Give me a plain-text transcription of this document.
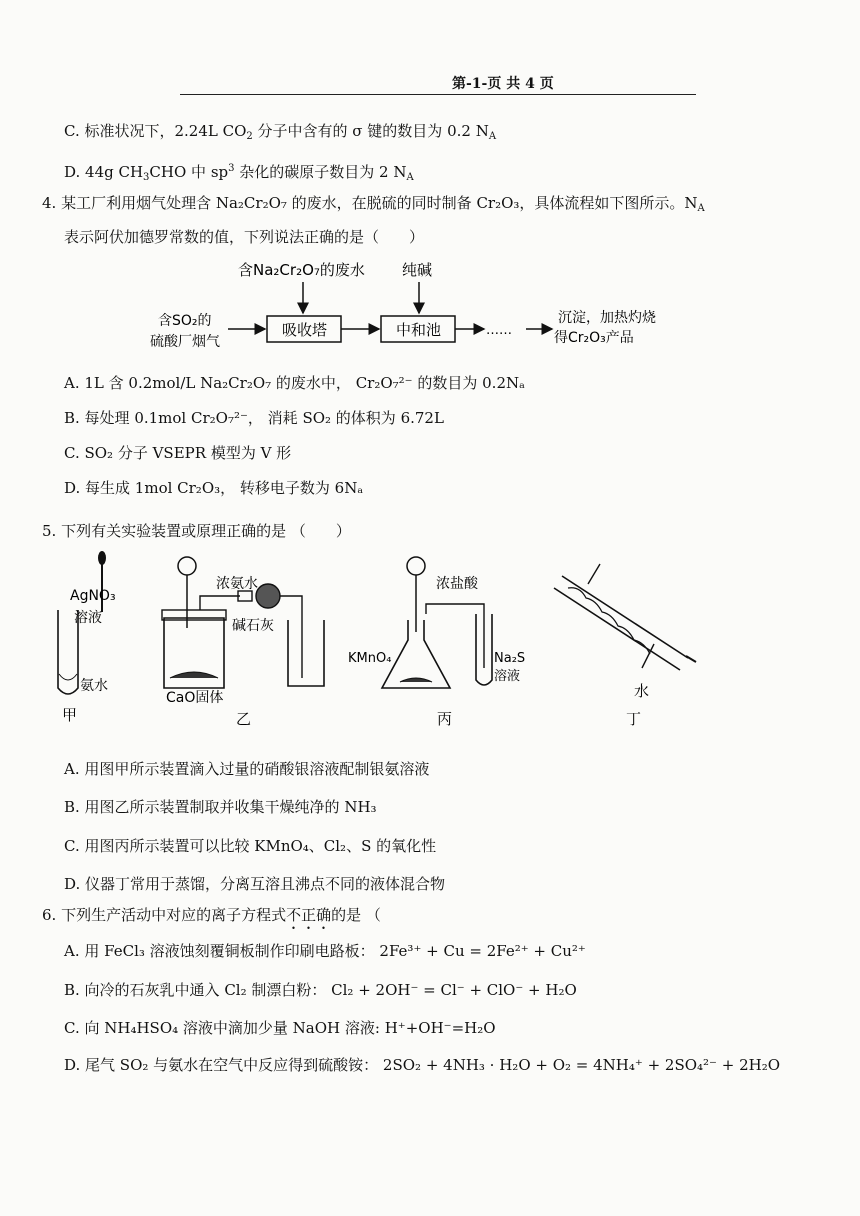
第-1-页 共 4 页
C. 标准状况下，2.24L $CO_2$ 分子中含有的 σ 键的数目为 0.2 $N_A$
D. 44g $CH_3CHO$ 中 $sp^3$ 杂化的碳原子数目为 2 $N_A$
4. 某工厂利用烟气处理含 Na₂Cr₂O₇ 的废水，在脱硫的同时制备 Cr₂O₃，具体流程如下图所示。$N_A$
表示阿伏加德罗常数的值，下列说法正确的是（　　）
含Na₂Cr₂O₇的废水 纯碱
含SO₂的
硫酸厂烟气
吸收塔	中和池	……
沉淀，加热灼烧
得Cr₂O₃产品
A. 1L 含 0.2mol/L Na₂Cr₂O₇ 的废水中， Cr₂O₇²⁻ 的数目为 0.2Nₐ
B. 每处理 0.1mol Cr₂O₇²⁻， 消耗 SO₂ 的体积为 6.72L
C. SO₂ 分子 VSEPR 模型为 V 形
D. 每生成 1mol Cr₂O₃， 转移电子数为 6Nₐ
5. 下列有关实验装置或原理正确的是 （　　）
AgNO₃
溶液
氨水
甲
浓氨水
碱石灰
CaO固体
乙
浓盐酸
KMnO₄	Na₂S
溶液
丙
水
丁
A. 用图甲所示装置滴入过量的硝酸银溶液配制银氨溶液
B. 用图乙所示装置制取并收集干燥纯净的 NH₃
C. 用图丙所示装置可以比较 KMnO₄、Cl₂、S 的氧化性
D. 仪器丁常用于蒸馏，分离互溶且沸点不同的液体混合物
6. 下列生产活动中对应的离子方程式不正确的是 （
A. 用 FeCl₃ 溶液蚀刻覆铜板制作印刷电路板： 2Fe³⁺ + Cu = 2Fe²⁺ + Cu²⁺
B. 向冷的石灰乳中通入 Cl₂ 制漂白粉： Cl₂ + 2OH⁻ = Cl⁻ + ClO⁻ + H₂O
C. 向 NH₄HSO₄ 溶液中滴加少量 NaOH 溶液: H⁺+OH⁻=H₂O
D. 尾气 SO₂ 与氨水在空气中反应得到硫酸铵： 2SO₂ + 4NH₃ · H₂O + O₂ = 4NH₄⁺ + 2SO₄²⁻ + 2H₂O
